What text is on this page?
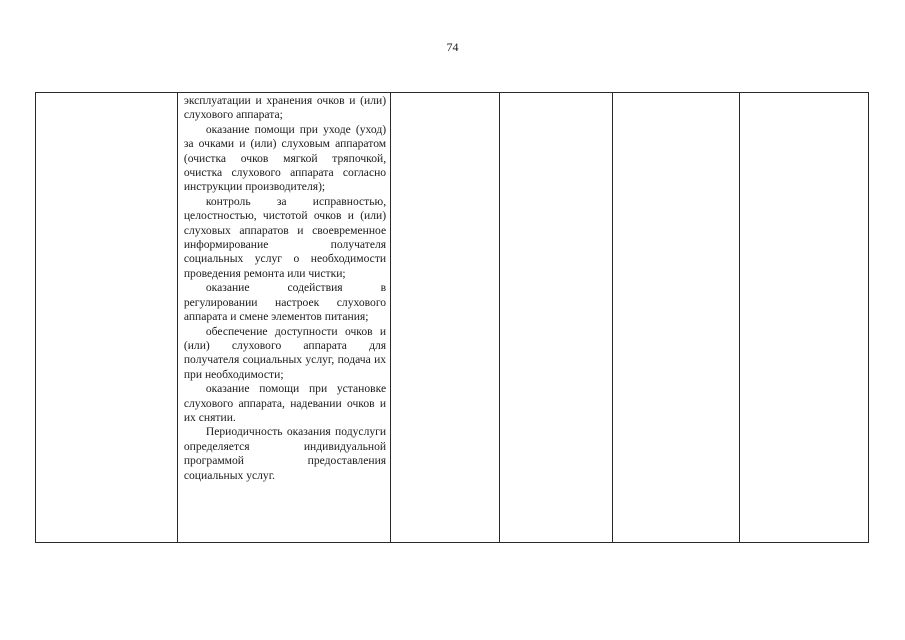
74

эксплуатации и хранения очков и (или) слухового аппарата;

оказание помощи при уходе (уход) за очками и (или) слуховым аппаратом (очистка очков мягкой тряпочкой, очистка слухового аппарата согласно инструкции производителя);

контроль за исправностью, целостностью, чистотой очков и (или) слуховых аппаратов и своевременное информирование получателя социальных услуг о необходимости проведения ремонта или чистки;

оказание содействия в регулировании настроек слухового аппарата и смене элементов питания;

обеспечение доступности очков и (или) слухового аппарата для получателя социальных услуг, подача их при необходимости;

оказание помощи при установке слухового аппарата, надевании очков и их снятии.

Периодичность оказания подуслуги определяется индивидуальной программой предоставления социальных услуг.
